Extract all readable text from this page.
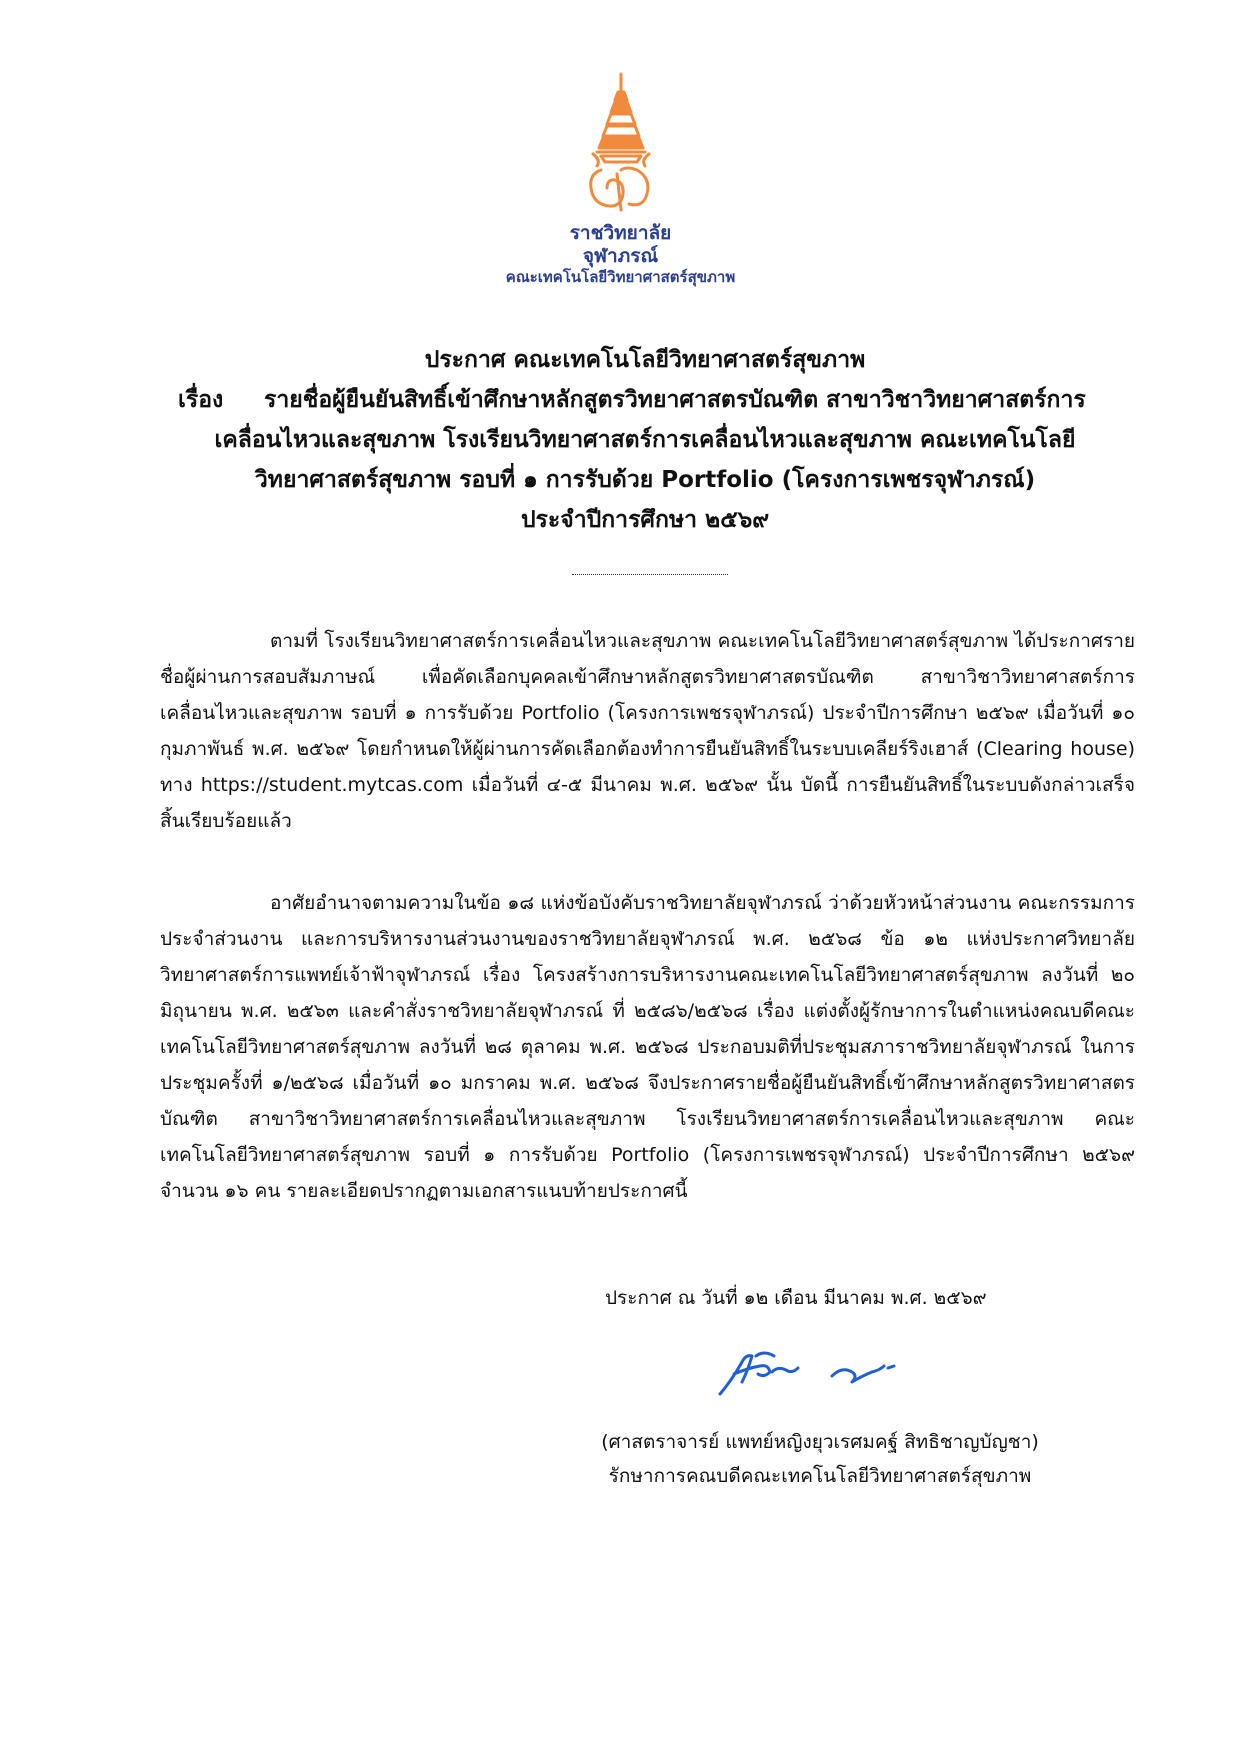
ราชวิทยาลัย
จุฬาภรณ์
คณะเทคโนโลยีวิทยาศาสตร์สุขภาพ
ประกาศ คณะเทคโนโลยีวิทยาศาสตร์สุขภาพ
เรื่อง รายชื่อผู้ยืนยันสิทธิ์เข้าศึกษาหลักสูตรวิทยาศาสตรบัณฑิต สาขาวิชาวิทยาศาสตร์การ
เคลื่อนไหวและสุขภาพ โรงเรียนวิทยาศาสตร์การเคลื่อนไหวและสุขภาพ คณะเทคโนโลยี
วิทยาศาสตร์สุขภาพ รอบที่ ๑ การรับด้วย Portfolio (โครงการเพชรจุฬาภรณ์)
ประจำปีการศึกษา ๒๕๖๙

ตามที่ โรงเรียนวิทยาศาสตร์การเคลื่อนไหวและสุขภาพ คณะเทคโนโลยีวิทยาศาสตร์สุขภาพ ได้ประกาศรายชื่อผู้ผ่านการสอบสัมภาษณ์ เพื่อคัดเลือกบุคคลเข้าศึกษาหลักสูตรวิทยาศาสตรบัณฑิต สาขาวิชาวิทยาศาสตร์การเคลื่อนไหวและสุขภาพ รอบที่ ๑ การรับด้วย Portfolio (โครงการเพชรจุฬาภรณ์) ประจำปีการศึกษา ๒๕๖๙ เมื่อวันที่ ๑๐ กุมภาพันธ์ พ.ศ. ๒๕๖๙ โดยกำหนดให้ผู้ผ่านการคัดเลือกต้องทำการยืนยันสิทธิ์ในระบบเคลียร์ริงเฮาส์ (Clearing house) ทาง https://student.mytcas.com เมื่อวันที่ ๔-๕ มีนาคม พ.ศ. ๒๕๖๙ นั้น บัดนี้ การยืนยันสิทธิ์ในระบบดังกล่าวเสร็จสิ้นเรียบร้อยแล้ว

อาศัยอำนาจตามความในข้อ ๑๘ แห่งข้อบังคับราชวิทยาลัยจุฬาภรณ์ ว่าด้วยหัวหน้าส่วนงาน คณะกรรมการประจำส่วนงาน และการบริหารงานส่วนงานของราชวิทยาลัยจุฬาภรณ์ พ.ศ. ๒๕๖๘ ข้อ ๑๒ แห่งประกาศวิทยาลัยวิทยาศาสตร์การแพทย์เจ้าฟ้าจุฬาภรณ์ เรื่อง โครงสร้างการบริหารงานคณะเทคโนโลยีวิทยาศาสตร์สุขภาพ ลงวันที่ ๒๐ มิถุนายน พ.ศ. ๒๕๖๓ และคำสั่งราชวิทยาลัยจุฬาภรณ์ ที่ ๒๕๘๖/๒๕๖๘ เรื่อง แต่งตั้งผู้รักษาการในตำแหน่งคณบดีคณะเทคโนโลยีวิทยาศาสตร์สุขภาพ ลงวันที่ ๒๘ ตุลาคม พ.ศ. ๒๕๖๘ ประกอบมติที่ประชุมสภาราชวิทยาลัยจุฬาภรณ์ ในการประชุมครั้งที่ ๑/๒๕๖๘ เมื่อวันที่ ๑๐ มกราคม พ.ศ. ๒๕๖๘ จึงประกาศรายชื่อผู้ยืนยันสิทธิ์เข้าศึกษาหลักสูตรวิทยาศาสตรบัณฑิต สาขาวิชาวิทยาศาสตร์การเคลื่อนไหวและสุขภาพ โรงเรียนวิทยาศาสตร์การเคลื่อนไหวและสุขภาพ คณะเทคโนโลยีวิทยาศาสตร์สุขภาพ รอบที่ ๑ การรับด้วย Portfolio (โครงการเพชรจุฬาภรณ์) ประจำปีการศึกษา ๒๕๖๙ จำนวน ๑๖ คน รายละเอียดปรากฏตามเอกสารแนบท้ายประกาศนี้

ประกาศ ณ วันที่ ๑๒ เดือน มีนาคม พ.ศ. ๒๕๖๙
(ศาสตราจารย์ แพทย์หญิงยุวเรศมคฐ์ สิทธิชาญบัญชา)
รักษาการคณบดีคณะเทคโนโลยีวิทยาศาสตร์สุขภาพ
